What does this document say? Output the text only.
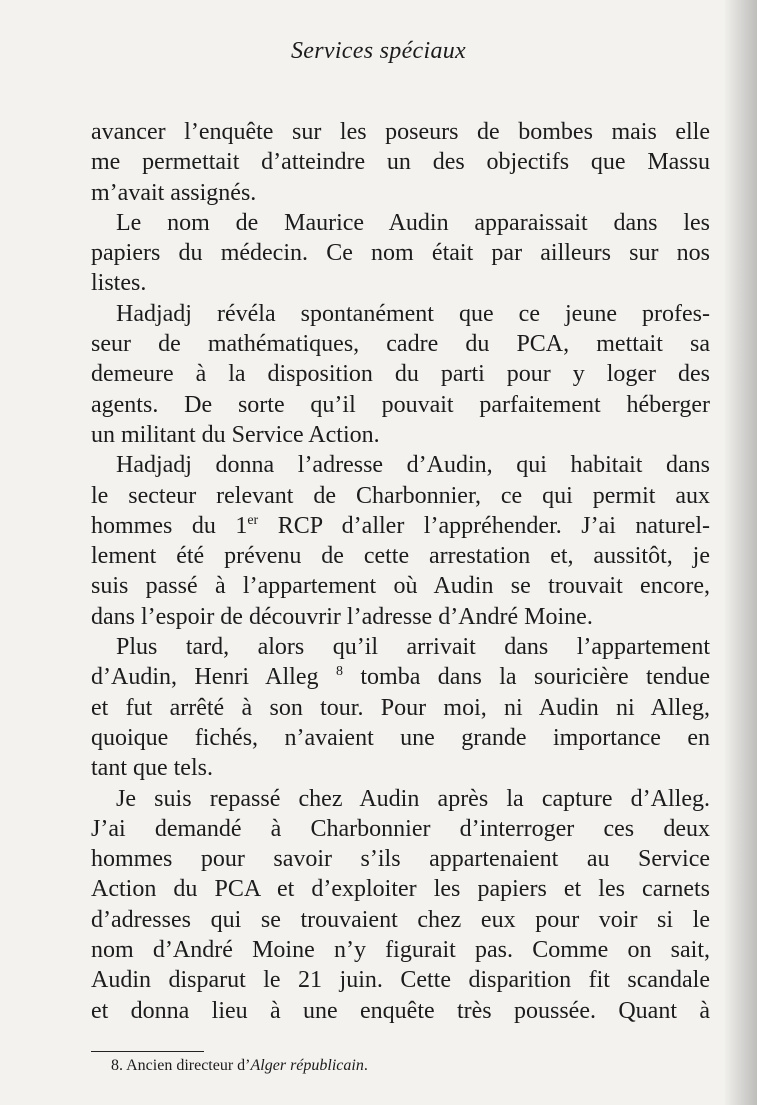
Services spéciaux
avancer l’enquête sur les poseurs de bombes mais elle
me permettait d’atteindre un des objectifs que Massu
m’avait assignés.
Le nom de Maurice Audin apparaissait dans les
papiers du médecin. Ce nom était par ailleurs sur nos
listes.
Hadjadj révéla spontanément que ce jeune profes-
seur de mathématiques, cadre du PCA, mettait sa
demeure à la disposition du parti pour y loger des
agents. De sorte qu’il pouvait parfaitement héberger
un militant du Service Action.
Hadjadj donna l’adresse d’Audin, qui habitait dans
le secteur relevant de Charbonnier, ce qui permit aux
hommes du 1er RCP d’aller l’appréhender. J’ai naturel-
lement été prévenu de cette arrestation et, aussitôt, je
suis passé à l’appartement où Audin se trouvait encore,
dans l’espoir de découvrir l’adresse d’André Moine.
Plus tard, alors qu’il arrivait dans l’appartement
d’Audin, Henri Alleg $^8$ tomba dans la souricière tendue
et fut arrêté à son tour. Pour moi, ni Audin ni Alleg,
quoique fichés, n’avaient une grande importance en
tant que tels.
Je suis repassé chez Audin après la capture d’Alleg.
J’ai demandé à Charbonnier d’interroger ces deux
hommes pour savoir s’ils appartenaient au Service
Action du PCA et d’exploiter les papiers et les carnets
d’adresses qui se trouvaient chez eux pour voir si le
nom d’André Moine n’y figurait pas. Comme on sait,
Audin disparut le 21 juin. Cette disparition fit scandale
et donna lieu à une enquête très poussée. Quant à
8. Ancien directeur d’Alger républicain.
